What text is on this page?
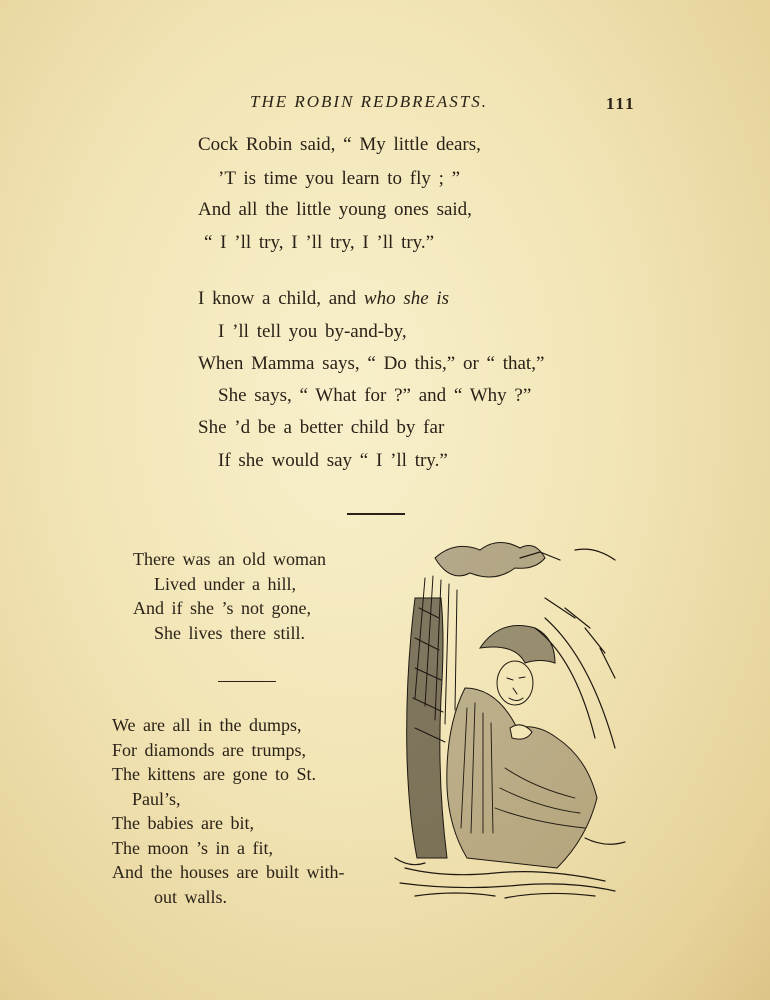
THE ROBIN REDBREASTS.	111
Cock Robin said, “ My little dears,
’T is time you learn to fly ; ”
And all the little young ones said,
“ I ’ll try, I ’ll try, I ’ll try.”
I know a child, and who she is
I ’ll tell you by-and-by,
When Mamma says, “ Do this,” or “ that,”
She says, “ What for ?” and “ Why ?”
She ’d be a better child by far
If she would say “ I ’ll try.”
There was an old woman
Lived under a hill,
And if she ’s not gone,
She lives there still.
We are all in the dumps,
For diamonds are trumps,
The kittens are gone to St.
Paul’s,
The babies are bit,
The moon ’s in a fit,
And the houses are built with-
out walls.
